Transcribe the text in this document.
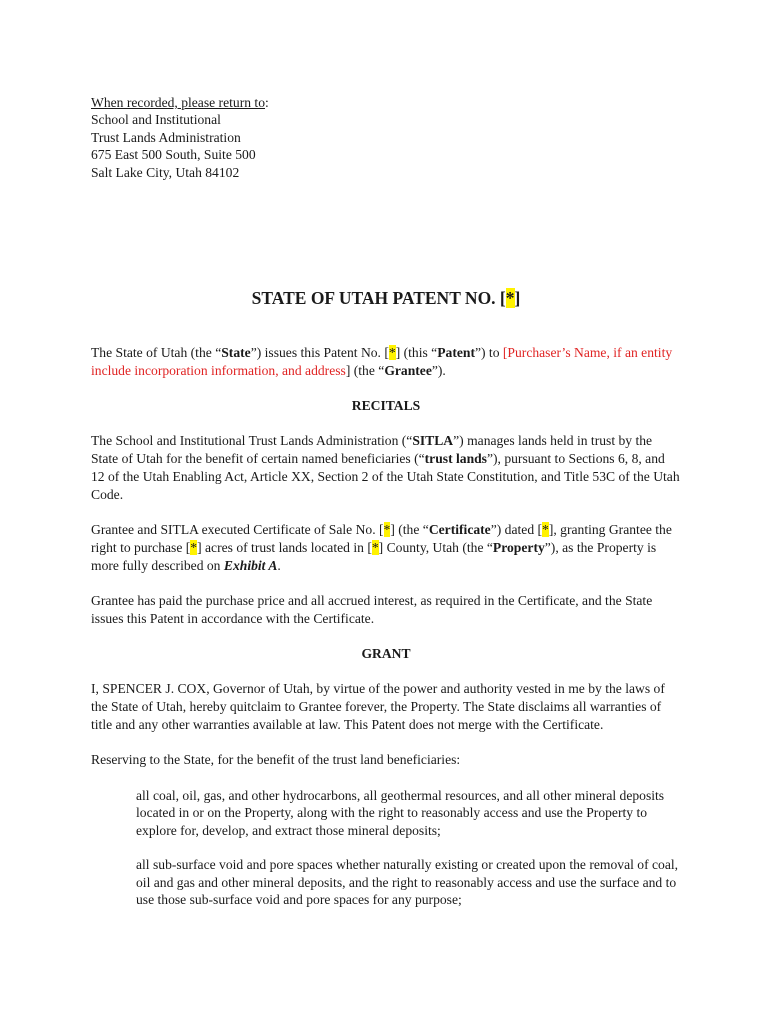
When recorded, please return to:
School and Institutional
Trust Lands Administration
675 East 500 South, Suite 500
Salt Lake City, Utah 84102
STATE OF UTAH PATENT NO. [*]

The State of Utah (the “State”) issues this Patent No. [*] (this “Patent”) to [Purchaser’s Name, if an entity include incorporation information, and address] (the “Grantee”).

RECITALS

The School and Institutional Trust Lands Administration (“SITLA”) manages lands held in trust by the State of Utah for the benefit of certain named beneficiaries (“trust lands”), pursuant to Sections 6, 8, and 12 of the Utah Enabling Act, Article XX, Section 2 of the Utah State Constitution, and Title 53C of the Utah Code.

Grantee and SITLA executed Certificate of Sale No. [*] (the “Certificate”) dated [*], granting Grantee the right to purchase [*] acres of trust lands located in [*] County, Utah (the “Property”), as the Property is more fully described on Exhibit A.

Grantee has paid the purchase price and all accrued interest, as required in the Certificate, and the State issues this Patent in accordance with the Certificate.

GRANT

I, SPENCER J. COX, Governor of Utah, by virtue of the power and authority vested in me by the laws of the State of Utah, hereby quitclaim to Grantee forever, the Property. The State disclaims all warranties of title and any other warranties available at law. This Patent does not merge with the Certificate.

Reserving to the State, for the benefit of the trust land beneficiaries:

all coal, oil, gas, and other hydrocarbons, all geothermal resources, and all other mineral deposits located in or on the Property, along with the right to reasonably access and use the Property to explore for, develop, and extract those mineral deposits;

all sub-surface void and pore spaces whether naturally existing or created upon the removal of coal, oil and gas and other mineral deposits, and the right to reasonably access and use the surface and to use those sub-surface void and pore spaces for any purpose;
